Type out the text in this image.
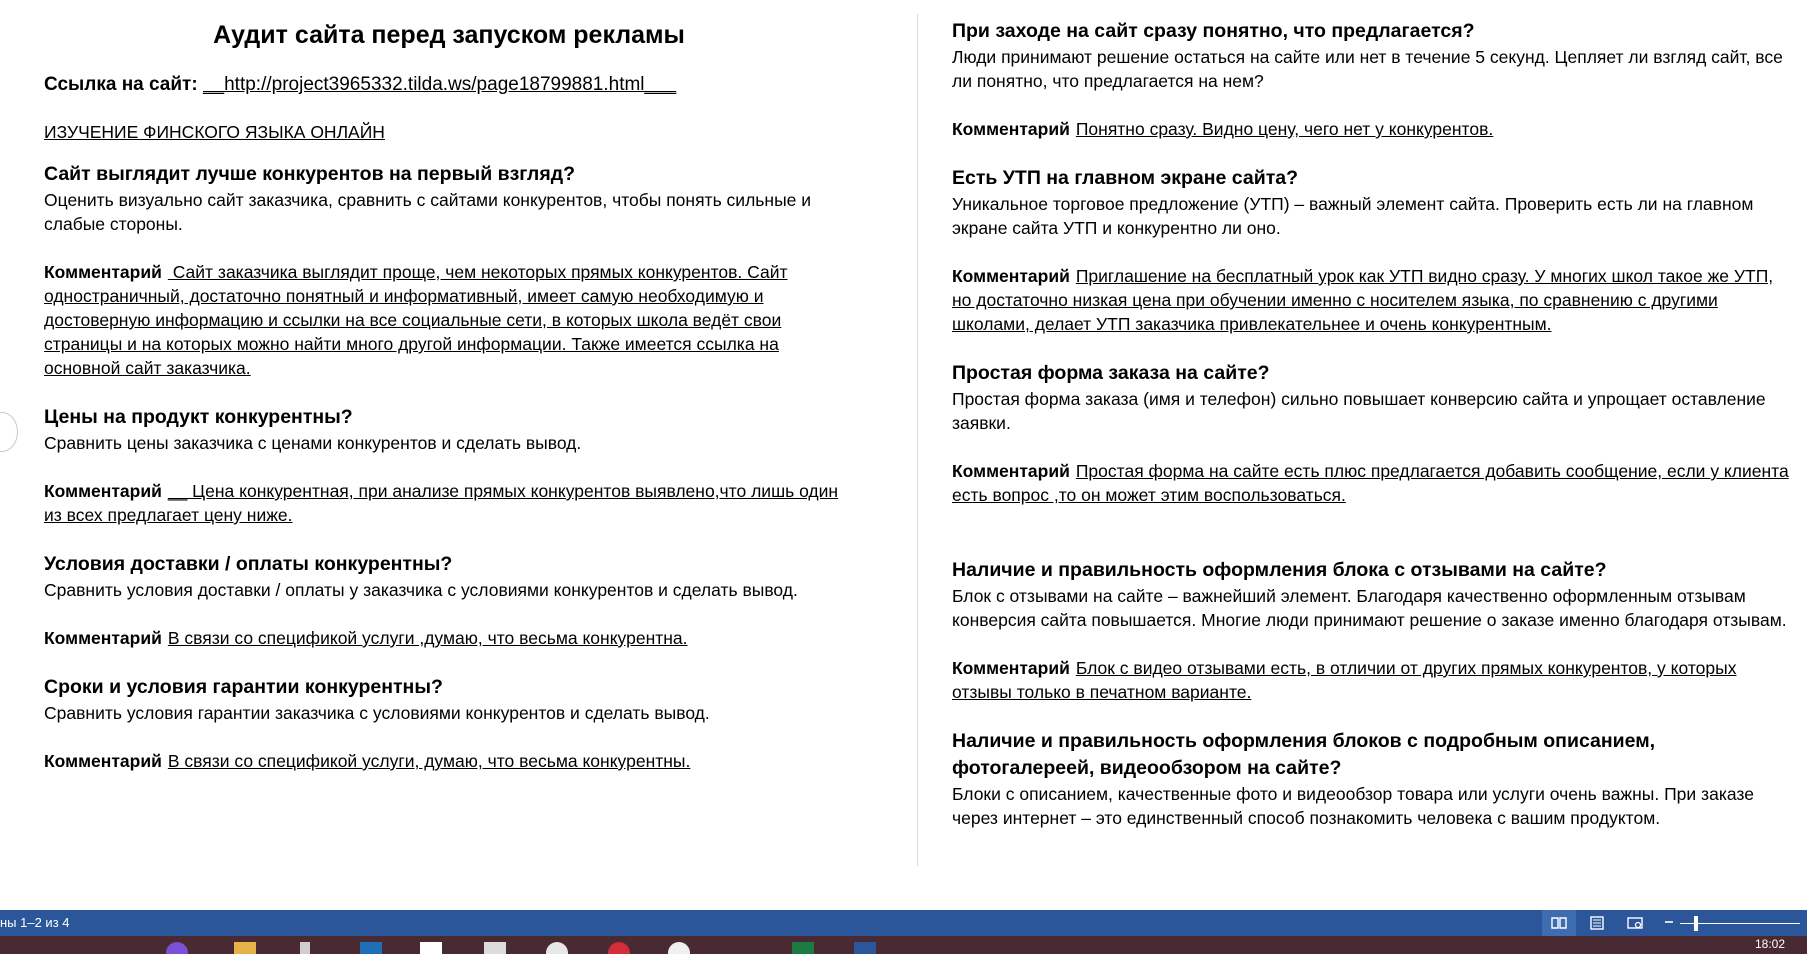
Аудит сайта перед запуском рекламы
Ссылка на сайт: __http://project3965332.tilda.ws/page18799881.html___
ИЗУЧЕНИЕ ФИНСКОГО ЯЗЫКА ОНЛАЙН
Сайт выглядит лучше конкурентов на первый взгляд?
Оценить визуально сайт заказчика, сравнить с сайтами конкурентов, чтобы понять сильные и слабые стороны.
Комментарий Сайт заказчика выглядит проще, чем некоторых прямых конкурентов. Сайт одностраничный, достаточно понятный и информативный, имеет самую необходимую и достоверную информацию и ссылки на все социальные сети, в которых школа ведёт свои страницы и на которых можно найти много другой информации. Также имеется ссылка на основной сайт заказчика.
Цены на продукт конкурентны?
Сравнить цены заказчика с ценами конкурентов и сделать вывод.
Комментарий __ Цена конкурентная, при анализе прямых конкурентов выявлено,что лишь один из всех предлагает цену ниже.
Условия доставки / оплаты конкурентны?
Сравнить условия доставки / оплаты у заказчика с условиями конкурентов и сделать вывод.
Комментарий В связи со спецификой услуги ,думаю, что весьма конкурентна.
Сроки и условия гарантии конкурентны?
Сравнить условия гарантии заказчика с условиями конкурентов и сделать вывод.
Комментарий В связи со спецификой услуги, думаю, что весьма конкурентны.
При заходе на сайт сразу понятно, что предлагается?
Люди принимают решение остаться на сайте или нет в течение 5 секунд. Цепляет ли взгляд сайт, все ли понятно, что предлагается на нем?
Комментарий Понятно сразу. Видно цену, чего нет у конкурентов.
Есть УТП на главном экране сайта?
Уникальное торговое предложение (УТП) – важный элемент сайта. Проверить есть ли на главном экране сайта УТП и конкурентно ли оно.
Комментарий Приглашение на бесплатный урок как УТП видно сразу. У многих школ такое же УТП, но достаточно низкая цена при обучении именно с носителем языка, по сравнению с другими школами, делает УТП заказчика привлекательнее и очень конкурентным.
Простая форма заказа на сайте?
Простая форма заказа (имя и телефон) сильно повышает конверсию сайта и упрощает оставление заявки.
Комментарий Простая форма на сайте есть плюс предлагается добавить сообщение, если у клиента есть вопрос ,то он может этим воспользоваться.
Наличие и правильность оформления блока с отзывами на сайте?
Блок с отзывами на сайте – важнейший элемент. Благодаря качественно оформленным отзывам конверсия сайта повышается. Многие люди принимают решение о заказе именно благодаря отзывам.
Комментарий Блок с видео отзывами есть, в отличии от других прямых конкурентов, у которых отзывы только в печатном варианте.
Наличие и правильность оформления блоков с подробным описанием, фотогалереей, видеообзором на сайте?
Блоки с описанием, качественные фото и видеообзор товара или услуги очень важны. При заказе через интернет – это единственный способ познакомить человека с вашим продуктом.
ны 1–2 из 4
18:02
